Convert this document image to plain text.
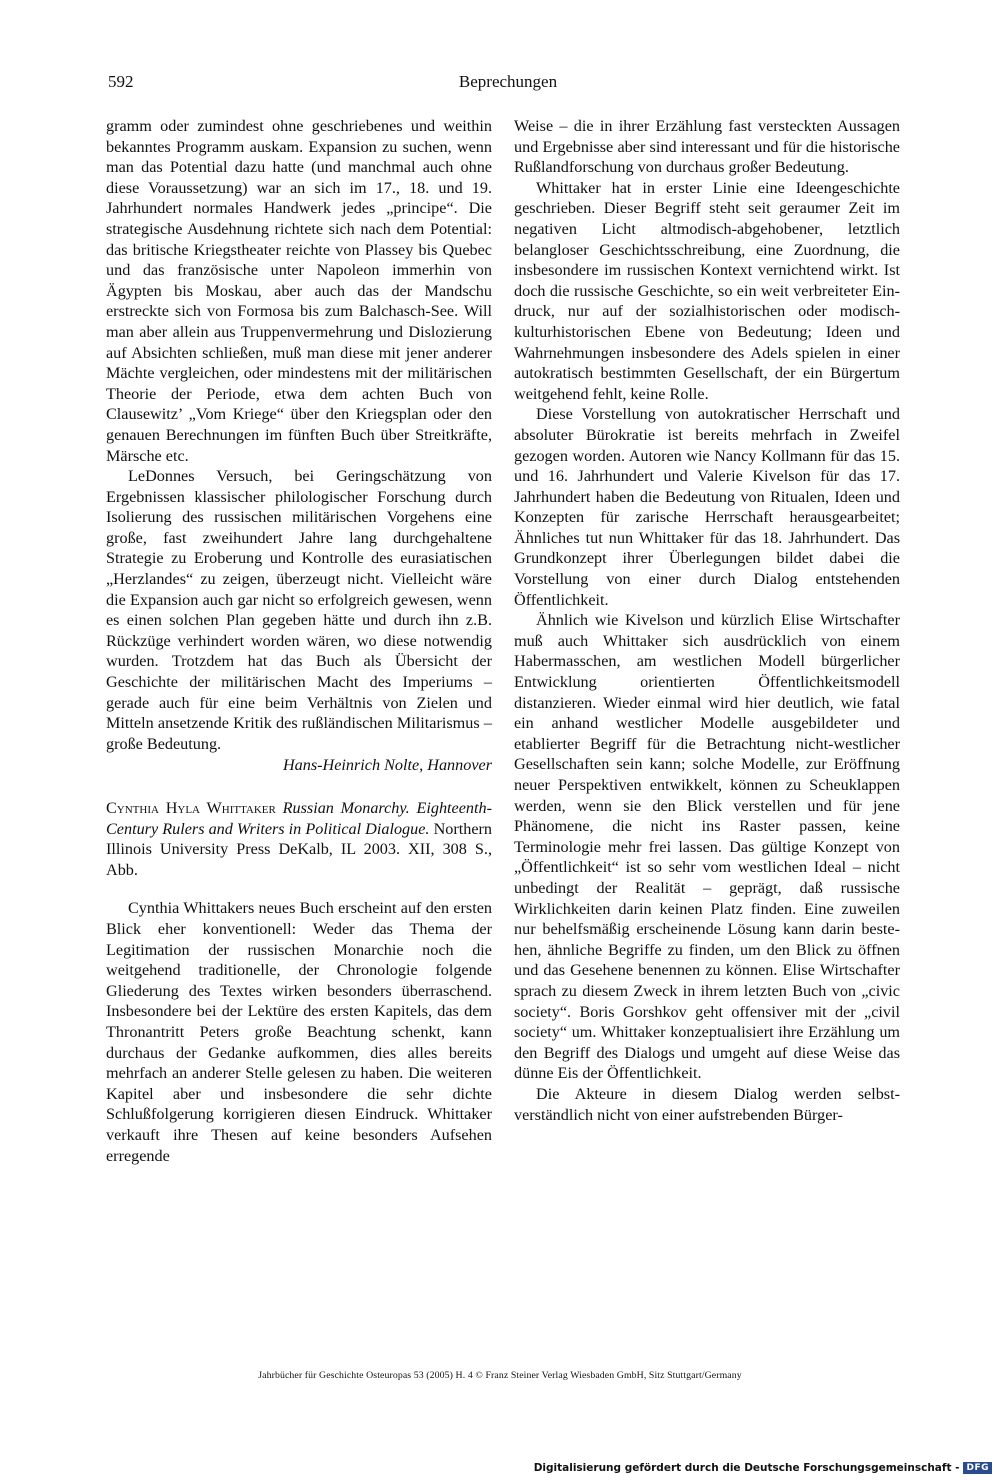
592	Beprechungen

gramm oder zumindest ohne geschriebenes und weithin bekanntes Programm auskam. Expansion zu suchen, wenn man das Potential dazu hatte (und manchmal auch ohne diese Voraussetzung) war an sich im 17., 18. und 19. Jahrhundert normales Handwerk jedes „principe“. Die strategische Ausdehnung richtete sich nach dem Potential: das britische Kriegstheater reichte von Plassey bis Quebec und das französische unter Napoleon immerhin von Ägypten bis Moskau, aber auch das der Mandschu erstreckte sich von Formosa bis zum Balchasch-See. Will man aber allein aus Truppenvermehrung und Dislozierung auf Absichten schließen, muß man diese mit jener anderer Mächte vergleichen, oder mindestens mit der militärischen Theorie der Periode, etwa dem achten Buch von Clausewitz’ „Vom Kriege“ über den Kriegsplan oder den genauen Berechnungen im fünften Buch über Streitkräfte, Märsche etc.

LeDonnes Versuch, bei Geringschätzung von Ergebnissen klassischer philologischer Forschung durch Isolierung des russischen militärischen Vorgehens eine große, fast zweihundert Jahre lang durchgehaltene Strategie zu Eroberung und Kontrolle des eurasiatischen „Herzlandes“ zu zeigen, überzeugt nicht. Vielleicht wäre die Expansion auch gar nicht so erfolgreich gewesen, wenn es einen solchen Plan gegeben hätte und durch ihn z.B. Rückzüge verhindert worden wären, wo diese notwendig wurden. Trotzdem hat das Buch als Übersicht der Geschichte der militärischen Macht des Imperiums – gerade auch für eine beim Verhältnis von Zielen und Mitteln ansetzende Kritik des rußländischen Militarismus – große Bedeutung.

Hans-Heinrich Nolte, Hannover

Cynthia Hyla Whittaker Russian Monarchy. Eighteenth-Century Rulers and Writers in Political Dialogue. Northern Illinois University Press DeKalb, IL 2003. XII, 308 S., Abb.

Cynthia Whittakers neues Buch erscheint auf den ersten Blick eher konventionell: Weder das Thema der Legitimation der russischen Monarchie noch die weitgehend traditionelle, der Chronologie folgende Gliederung des Textes wirken besonders überraschend. Insbesondere bei der Lektüre des ersten Kapitels, das dem Thronantritt Peters große Beachtung schenkt, kann durchaus der Gedanke aufkommen, dies alles bereits mehrfach an anderer Stelle gelesen zu haben. Die weiteren Kapitel aber und insbesondere die sehr dichte Schlußfolgerung korrigieren diesen Eindruck. Whittaker verkauft ihre Thesen auf keine besonders Aufsehen erregende

Weise – die in ihrer Erzählung fast versteckten Aussagen und Ergebnisse aber sind interessant und für die historische Rußlandforschung von durchaus großer Bedeutung.

Whittaker hat in erster Linie eine Ideengeschichte geschrieben. Dieser Begriff steht seit geraumer Zeit im negativen Licht altmodisch-abgehobener, letztlich belangloser Geschichtsschreibung, eine Zuordnung, die insbesondere im russischen Kontext vernichtend wirkt. Ist doch die russische Geschichte, so ein weit verbreiteter Eindruck, nur auf der sozialhistorischen oder modisch-kulturhistorischen Ebene von Bedeutung; Ideen und Wahrnehmungen insbesondere des Adels spielen in einer autokratisch bestimmten Gesellschaft, der ein Bürgertum weitgehend fehlt, keine Rolle.

Diese Vorstellung von autokratischer Herrschaft und absoluter Bürokratie ist bereits mehrfach in Zweifel gezogen worden. Autoren wie Nancy Kollmann für das 15. und 16. Jahrhundert und Valerie Kivelson für das 17. Jahrhundert haben die Bedeutung von Ritualen, Ideen und Konzepten für zarische Herrschaft herausgearbeitet; Ähnliches tut nun Whittaker für das 18. Jahrhundert. Das Grundkonzept ihrer Überlegungen bildet dabei die Vorstellung von einer durch Dialog entstehenden Öffentlichkeit.

Ähnlich wie Kivelson und kürzlich Elise Wirtschafter muß auch Whittaker sich ausdrücklich von einem Habermasschen, am westlichen Modell bürgerlicher Entwicklung orientierten Öffentlichkeitsmodell distanzieren. Wieder einmal wird hier deutlich, wie fatal ein anhand westlicher Modelle ausgebildeter und etablierter Begriff für die Betrachtung nicht-westlicher Gesellschaften sein kann; solche Modelle, zur Eröffnung neuer Perspektiven entwikkelt, können zu Scheuklappen werden, wenn sie den Blick verstellen und für jene Phänomene, die nicht ins Raster passen, keine Terminologie mehr frei lassen. Das gültige Konzept von „Öffentlichkeit“ ist so sehr vom westlichen Ideal – nicht unbedingt der Realität – geprägt, daß russische Wirklichkeiten darin keinen Platz finden. Eine zuweilen nur behelfsmäßig erscheinende Lösung kann darin bestehen, ähnliche Begriffe zu finden, um den Blick zu öffnen und das Gesehene benennen zu können. Elise Wirtschafter sprach zu diesem Zweck in ihrem letzten Buch von „civic society“. Boris Gorshkov geht offensiver mit der „civil society“ um. Whittaker konzeptualisiert ihre Erzählung um den Begriff des Dialogs und umgeht auf diese Weise das dünne Eis der Öffentlichkeit.

Die Akteure in diesem Dialog werden selbstverständlich nicht von einer aufstrebenden Bürger-

Jahrbücher für Geschichte Osteuropas 53 (2005) H. 4 © Franz Steiner Verlag Wiesbaden GmbH, Sitz Stuttgart/Germany
Digitalisierung gefördert durch die Deutsche Forschungsgemeinschaft - DFG
